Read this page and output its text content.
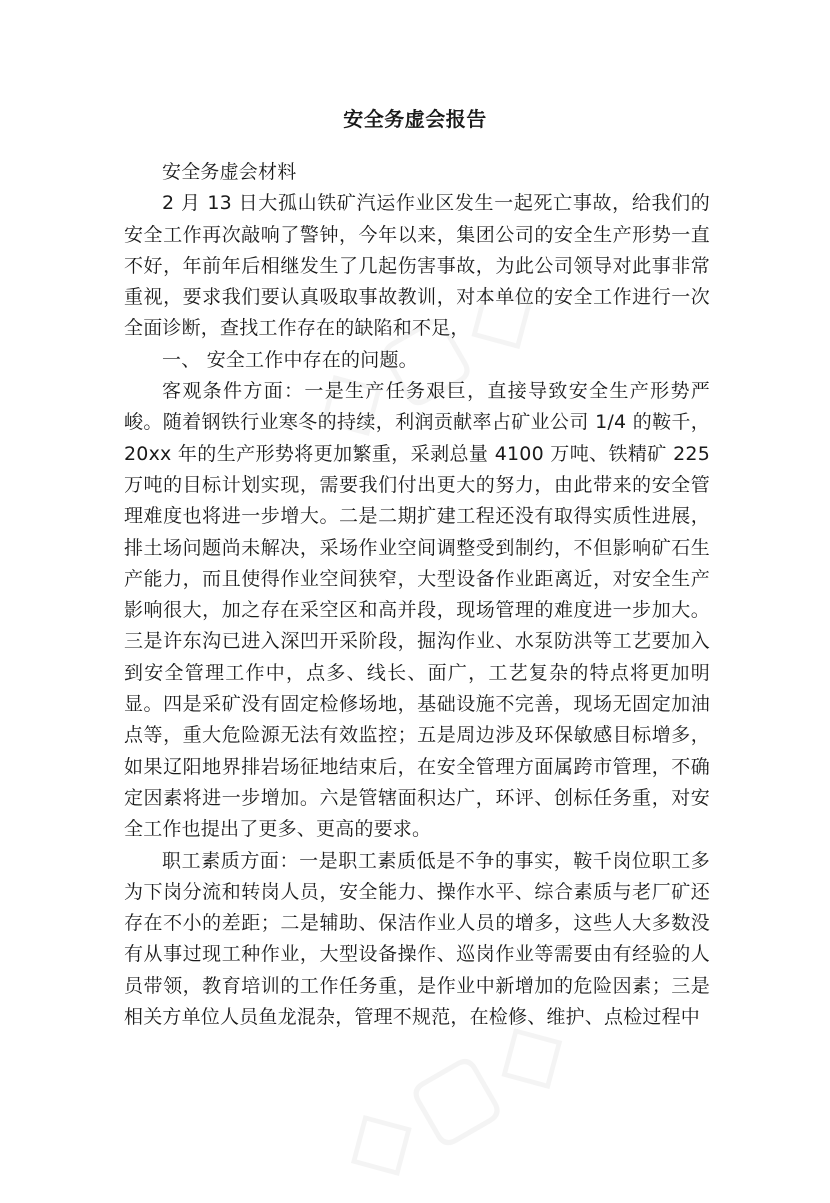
安全务虚会报告

安全务虚会材料

2 月 13 日大孤山铁矿汽运作业区发生一起死亡事故，给我们的安全工作再次敲响了警钟，今年以来，集团公司的安全生产形势一直不好，年前年后相继发生了几起伤害事故，为此公司领导对此事非常重视，要求我们要认真吸取事故教训，对本单位的安全工作进行一次全面诊断，查找工作存在的缺陷和不足，

一、 安全工作中存在的问题。

客观条件方面：一是生产任务艰巨，直接导致安全生产形势严峻。随着钢铁行业寒冬的持续，利润贡献率占矿业公司 1/4 的鞍千，20xx 年的生产形势将更加繁重，采剥总量 4100 万吨、铁精矿 225 万吨的目标计划实现，需要我们付出更大的努力，由此带来的安全管理难度也将进一步增大。二是二期扩建工程还没有取得实质性进展，排土场问题尚未解决，采场作业空间调整受到制约，不但影响矿石生产能力，而且使得作业空间狭窄，大型设备作业距离近，对安全生产影响很大，加之存在采空区和高并段，现场管理的难度进一步加大。三是许东沟已进入深凹开采阶段，掘沟作业、水泵防洪等工艺要加入到安全管理工作中，点多、线长、面广，工艺复杂的特点将更加明显。四是采矿没有固定检修场地，基础设施不完善，现场无固定加油点等，重大危险源无法有效监控；五是周边涉及环保敏感目标增多，如果辽阳地界排岩场征地结束后，在安全管理方面属跨市管理，不确定因素将进一步增加。六是管辖面积达广，环评、创标任务重，对安全工作也提出了更多、更高的要求。

职工素质方面：一是职工素质低是不争的事实，鞍千岗位职工多为下岗分流和转岗人员，安全能力、操作水平、综合素质与老厂矿还存在不小的差距；二是辅助、保洁作业人员的增多，这些人大多数没有从事过现工种作业，大型设备操作、巡岗作业等需要由有经验的人员带领，教育培训的工作任务重，是作业中新增加的危险因素；三是相关方单位人员鱼龙混杂，管理不规范，在检修、维护、点检过程中
